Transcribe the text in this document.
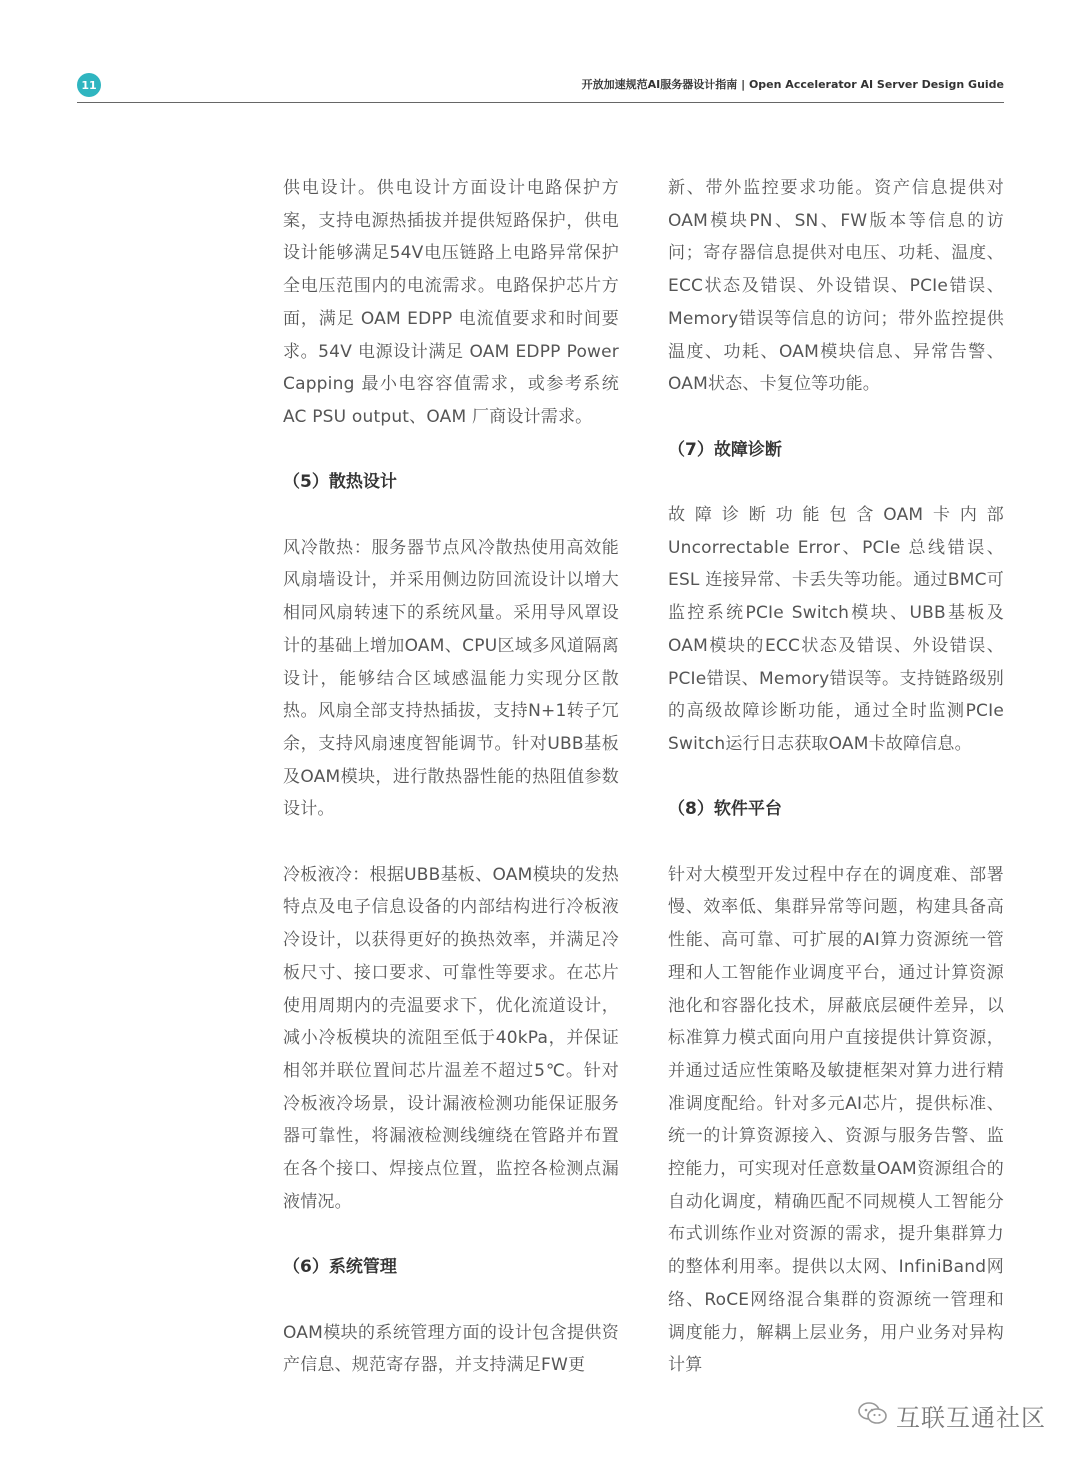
11	开放加速规范AI服务器设计指南 | Open Accelerator AI Server Design Guide

供电设计。供电设计方面设计电路保护方案，支持电源热插拔并提供短路保护，供电设计能够满足54V电压链路上电路异常保护全电压范围内的电流需求。电路保护芯片方面，满足 OAM EDPP 电流值要求和时间要求。54V 电源设计满足 OAM EDPP Power Capping 最小电容容值需求，或参考系统 AC PSU output、OAM 厂商设计需求。

（5）散热设计

风冷散热：服务器节点风冷散热使用高效能风扇墙设计，并采用侧边防回流设计以增大相同风扇转速下的系统风量。采用导风罩设计的基础上增加OAM、CPU区域多风道隔离设计，能够结合区域感温能力实现分区散热。风扇全部支持热插拔，支持N+1转子冗余，支持风扇速度智能调节。针对UBB基板及OAM模块，进行散热器性能的热阻值参数设计。

冷板液冷：根据UBB基板、OAM模块的发热特点及电子信息设备的内部结构进行冷板液冷设计，以获得更好的换热效率，并满足冷板尺寸、接口要求、可靠性等要求。在芯片使用周期内的壳温要求下，优化流道设计，减小冷板模块的流阻至低于40kPa，并保证相邻并联位置间芯片温差不超过5℃。针对冷板液冷场景，设计漏液检测功能保证服务器可靠性，将漏液检测线缠绕在管路并布置在各个接口、焊接点位置，监控各检测点漏液情况。

（6）系统管理

OAM模块的系统管理方面的设计包含提供资产信息、规范寄存器，并支持满足FW更

新、带外监控要求功能。资产信息提供对OAM模块PN、SN、FW版本等信息的访问；寄存器信息提供对电压、功耗、温度、ECC状态及错误、外设错误、PCIe错误、Memory错误等信息的访问；带外监控提供温度、功耗、OAM模块信息、异常告警、OAM状态、卡复位等功能。

（7）故障诊断

故障诊断功能包含OAM卡内部Uncorrectable Error、PCIe 总线错误、ESL 连接异常、卡丢失等功能。通过BMC可监控系统PCIe Switch模块、UBB基板及OAM模块的ECC状态及错误、外设错误、PCIe错误、Memory错误等。支持链路级别的高级故障诊断功能，通过全时监测PCIe Switch运行日志获取OAM卡故障信息。

（8）软件平台

针对大模型开发过程中存在的调度难、部署慢、效率低、集群异常等问题，构建具备高性能、高可靠、可扩展的AI算力资源统一管理和人工智能作业调度平台，通过计算资源池化和容器化技术，屏蔽底层硬件差异，以标准算力模式面向用户直接提供计算资源，并通过适应性策略及敏捷框架对算力进行精准调度配给。针对多元AI芯片，提供标准、统一的计算资源接入、资源与服务告警、监控能力，可实现对任意数量OAM资源组合的自动化调度，精确匹配不同规模人工智能分布式训练作业对资源的需求，提升集群算力的整体利用率。提供以太网、InfiniBand网络、RoCE网络混合集群的资源统一管理和调度能力，解耦上层业务，用户业务对异构计算

互联互通社区
